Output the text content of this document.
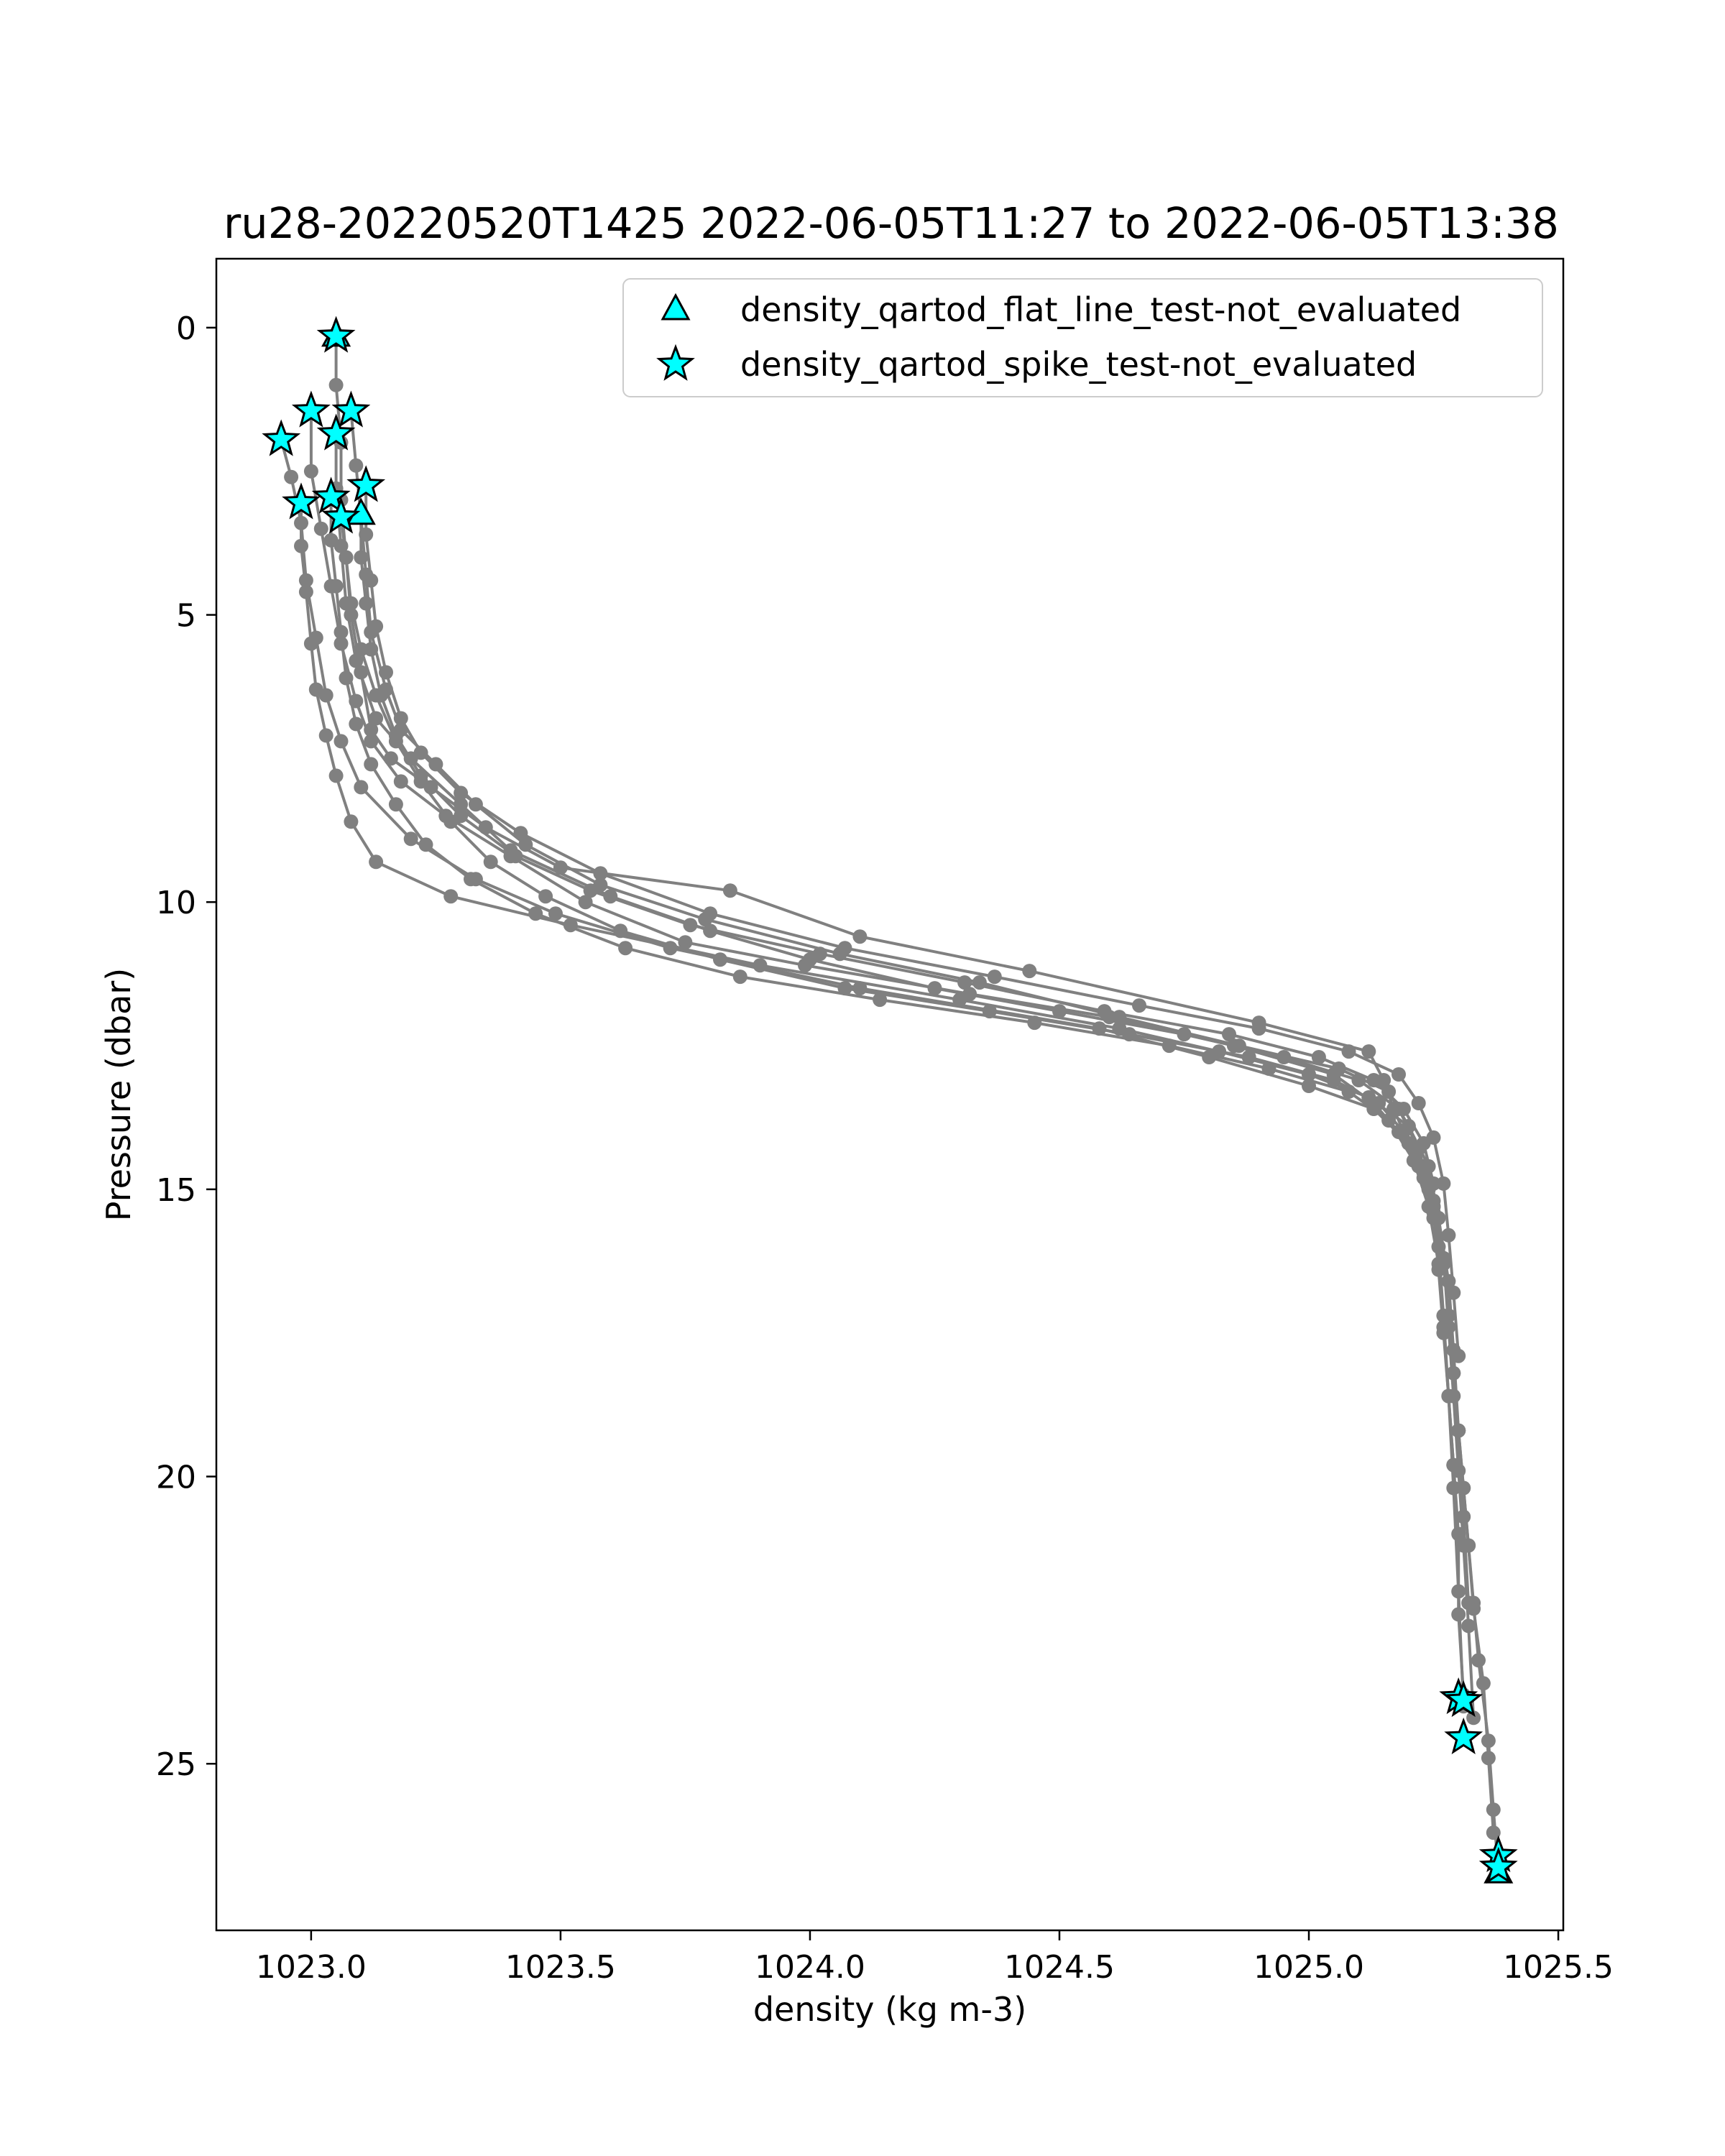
ru28-20220520T1425 2022-06-05T11:27 to 2022-06-05T13:38
1023.0	1023.5	1024.0	1024.5	1025.0	1025.5
0
5
10
15
20
25
density (kg m-3)
Pressure (dbar)
density_qartod_flat_line_test-not_evaluated
density_qartod_spike_test-not_evaluated
